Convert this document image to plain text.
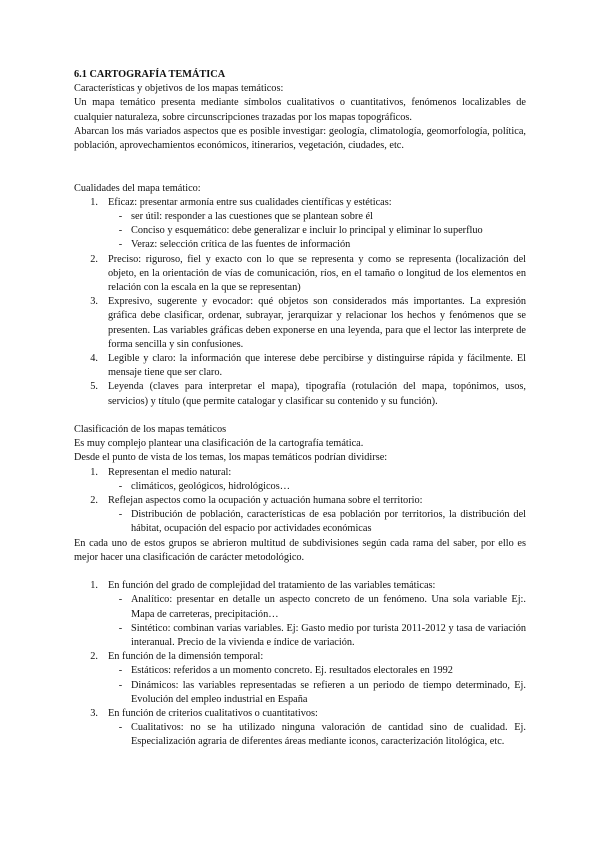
6.1 CARTOGRAFÍA TEMÁTICA

Características y objetivos de los mapas temáticos:

Un mapa temático presenta mediante símbolos cualitativos o cuantitativos, fenómenos localizables de cualquier naturaleza, sobre circunscripciones trazadas por los mapas topográficos.

Abarcan los más variados aspectos que es posible investigar: geología, climatología, geomorfología, política, población, aprovechamientos económicos, itinerarios, vegetación, ciudades, etc.

Cualidades del mapa temático:

1. Eficaz: presentar armonía entre sus cualidades científicas y estéticas:
- ser útil: responder a las cuestiones que se plantean sobre él
- Conciso y esquemático: debe generalizar e incluir lo principal y eliminar lo superfluo
- Veraz: selección crítica de las fuentes de información
2. Preciso: riguroso, fiel y exacto con lo que se representa y como se representa (localización del objeto, en la orientación de vías de comunicación, ríos, en el tamaño o longitud de los elementos en relación con la escala en la que se representan)
3. Expresivo, sugerente y evocador: qué objetos son considerados más importantes. La expresión gráfica debe clasificar, ordenar, subrayar, jerarquizar y relacionar los hechos y fenómenos que se presenten. Las variables gráficas deben exponerse en una leyenda, para que el lector las interprete de forma sencilla y sin confusiones.
4. Legible y claro: la información que interese debe percibirse y distinguirse rápida y fácilmente. El mensaje tiene que ser claro.
5. Leyenda (claves para interpretar el mapa), tipografía (rotulación del mapa, topónimos, usos, servicios) y título (que permite catalogar y clasificar su contenido y su función).

Clasificación de los mapas temáticos

Es muy complejo plantear una clasificación de la cartografía temática.

Desde el punto de vista de los temas, los mapas temáticos podrían dividirse:

1. Representan el medio natural:
- climáticos, geológicos, hidrológicos…
2. Reflejan aspectos como la ocupación y actuación humana sobre el territorio:
- Distribución de población, características de esa población por territorios, la distribución del hábitat, ocupación del espacio por actividades económicas

En cada uno de estos grupos se abrieron multitud de subdivisiones según cada rama del saber, por ello es mejor hacer una clasificación de carácter metodológico.

1. En función del grado de complejidad del tratamiento de las variables temáticas:
- Analítico: presentar en detalle un aspecto concreto de un fenómeno. Una sola variable Ej:. Mapa de carreteras, precipitación…
- Sintético: combinan varias variables. Ej: Gasto medio por turista 2011-2012 y tasa de variación interanual. Precio de la vivienda e índice de variación.
2. En función de la dimensión temporal:
- Estáticos: referidos a un momento concreto. Ej. resultados electorales en 1992
- Dinámicos: las variables representadas se refieren a un periodo de tiempo determinado, Ej. Evolución del empleo industrial en España
3. En función de criterios cualitativos o cuantitativos:
- Cualitativos: no se ha utilizado ninguna valoración de cantidad sino de cualidad. Ej. Especialización agraria de diferentes áreas mediante iconos, caracterización litológica, etc.
